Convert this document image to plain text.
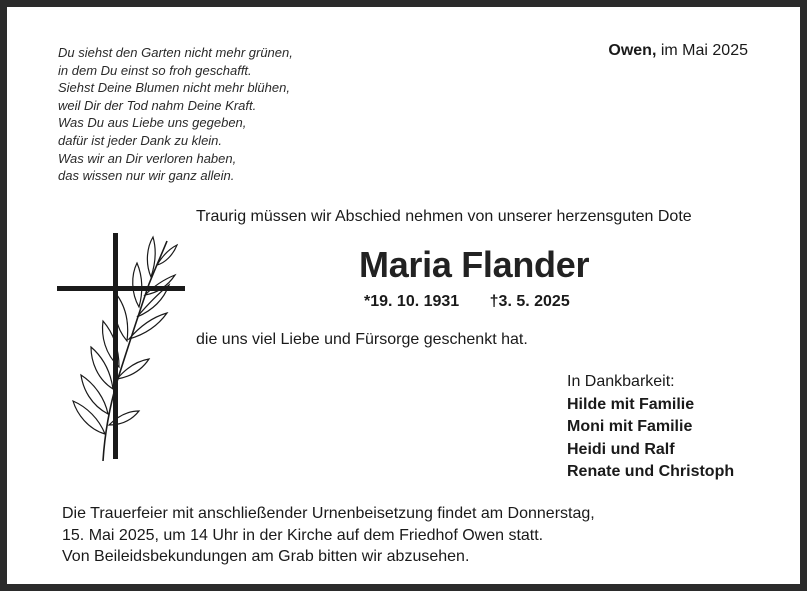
Du siehst den Garten nicht mehr grünen,
in dem Du einst so froh geschafft.
Siehst Deine Blumen nicht mehr blühen,
weil Dir der Tod nahm Deine Kraft.
Was Du aus Liebe uns gegeben,
dafür ist jeder Dank zu klein.
Was wir an Dir verloren haben,
das wissen nur wir ganz allein.
Owen, im Mai 2025
Traurig müssen wir Abschied nehmen von unserer herzensguten Dote
Maria Flander
*19. 10. 1931 †3. 5. 2025
die uns viel Liebe und Fürsorge geschenkt hat.
In Dankbarkeit:
Hilde mit Familie
Moni mit Familie
Heidi und Ralf
Renate und Christoph
Die Trauerfeier mit anschließender Urnenbeisetzung findet am Donnerstag,
15. Mai 2025, um 14 Uhr in der Kirche auf dem Friedhof Owen statt.
Von Beileidsbekundungen am Grab bitten wir abzusehen.
